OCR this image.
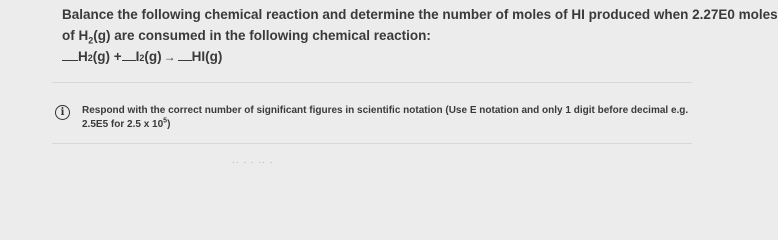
Balance the following chemical reaction and determine the number of moles of HI produced when 2.27E0 moles

of $H_2(g)$ are consumed in the following chemical reaction:

H 2 (g) + I 2 (g) → HI(g)
i	Respond with the correct number of significant figures in scientific notation (Use E notation and only 1 digit before decimal e.g.
2.5E5 for 2.5 x $10^5$)
.. . . .. .
